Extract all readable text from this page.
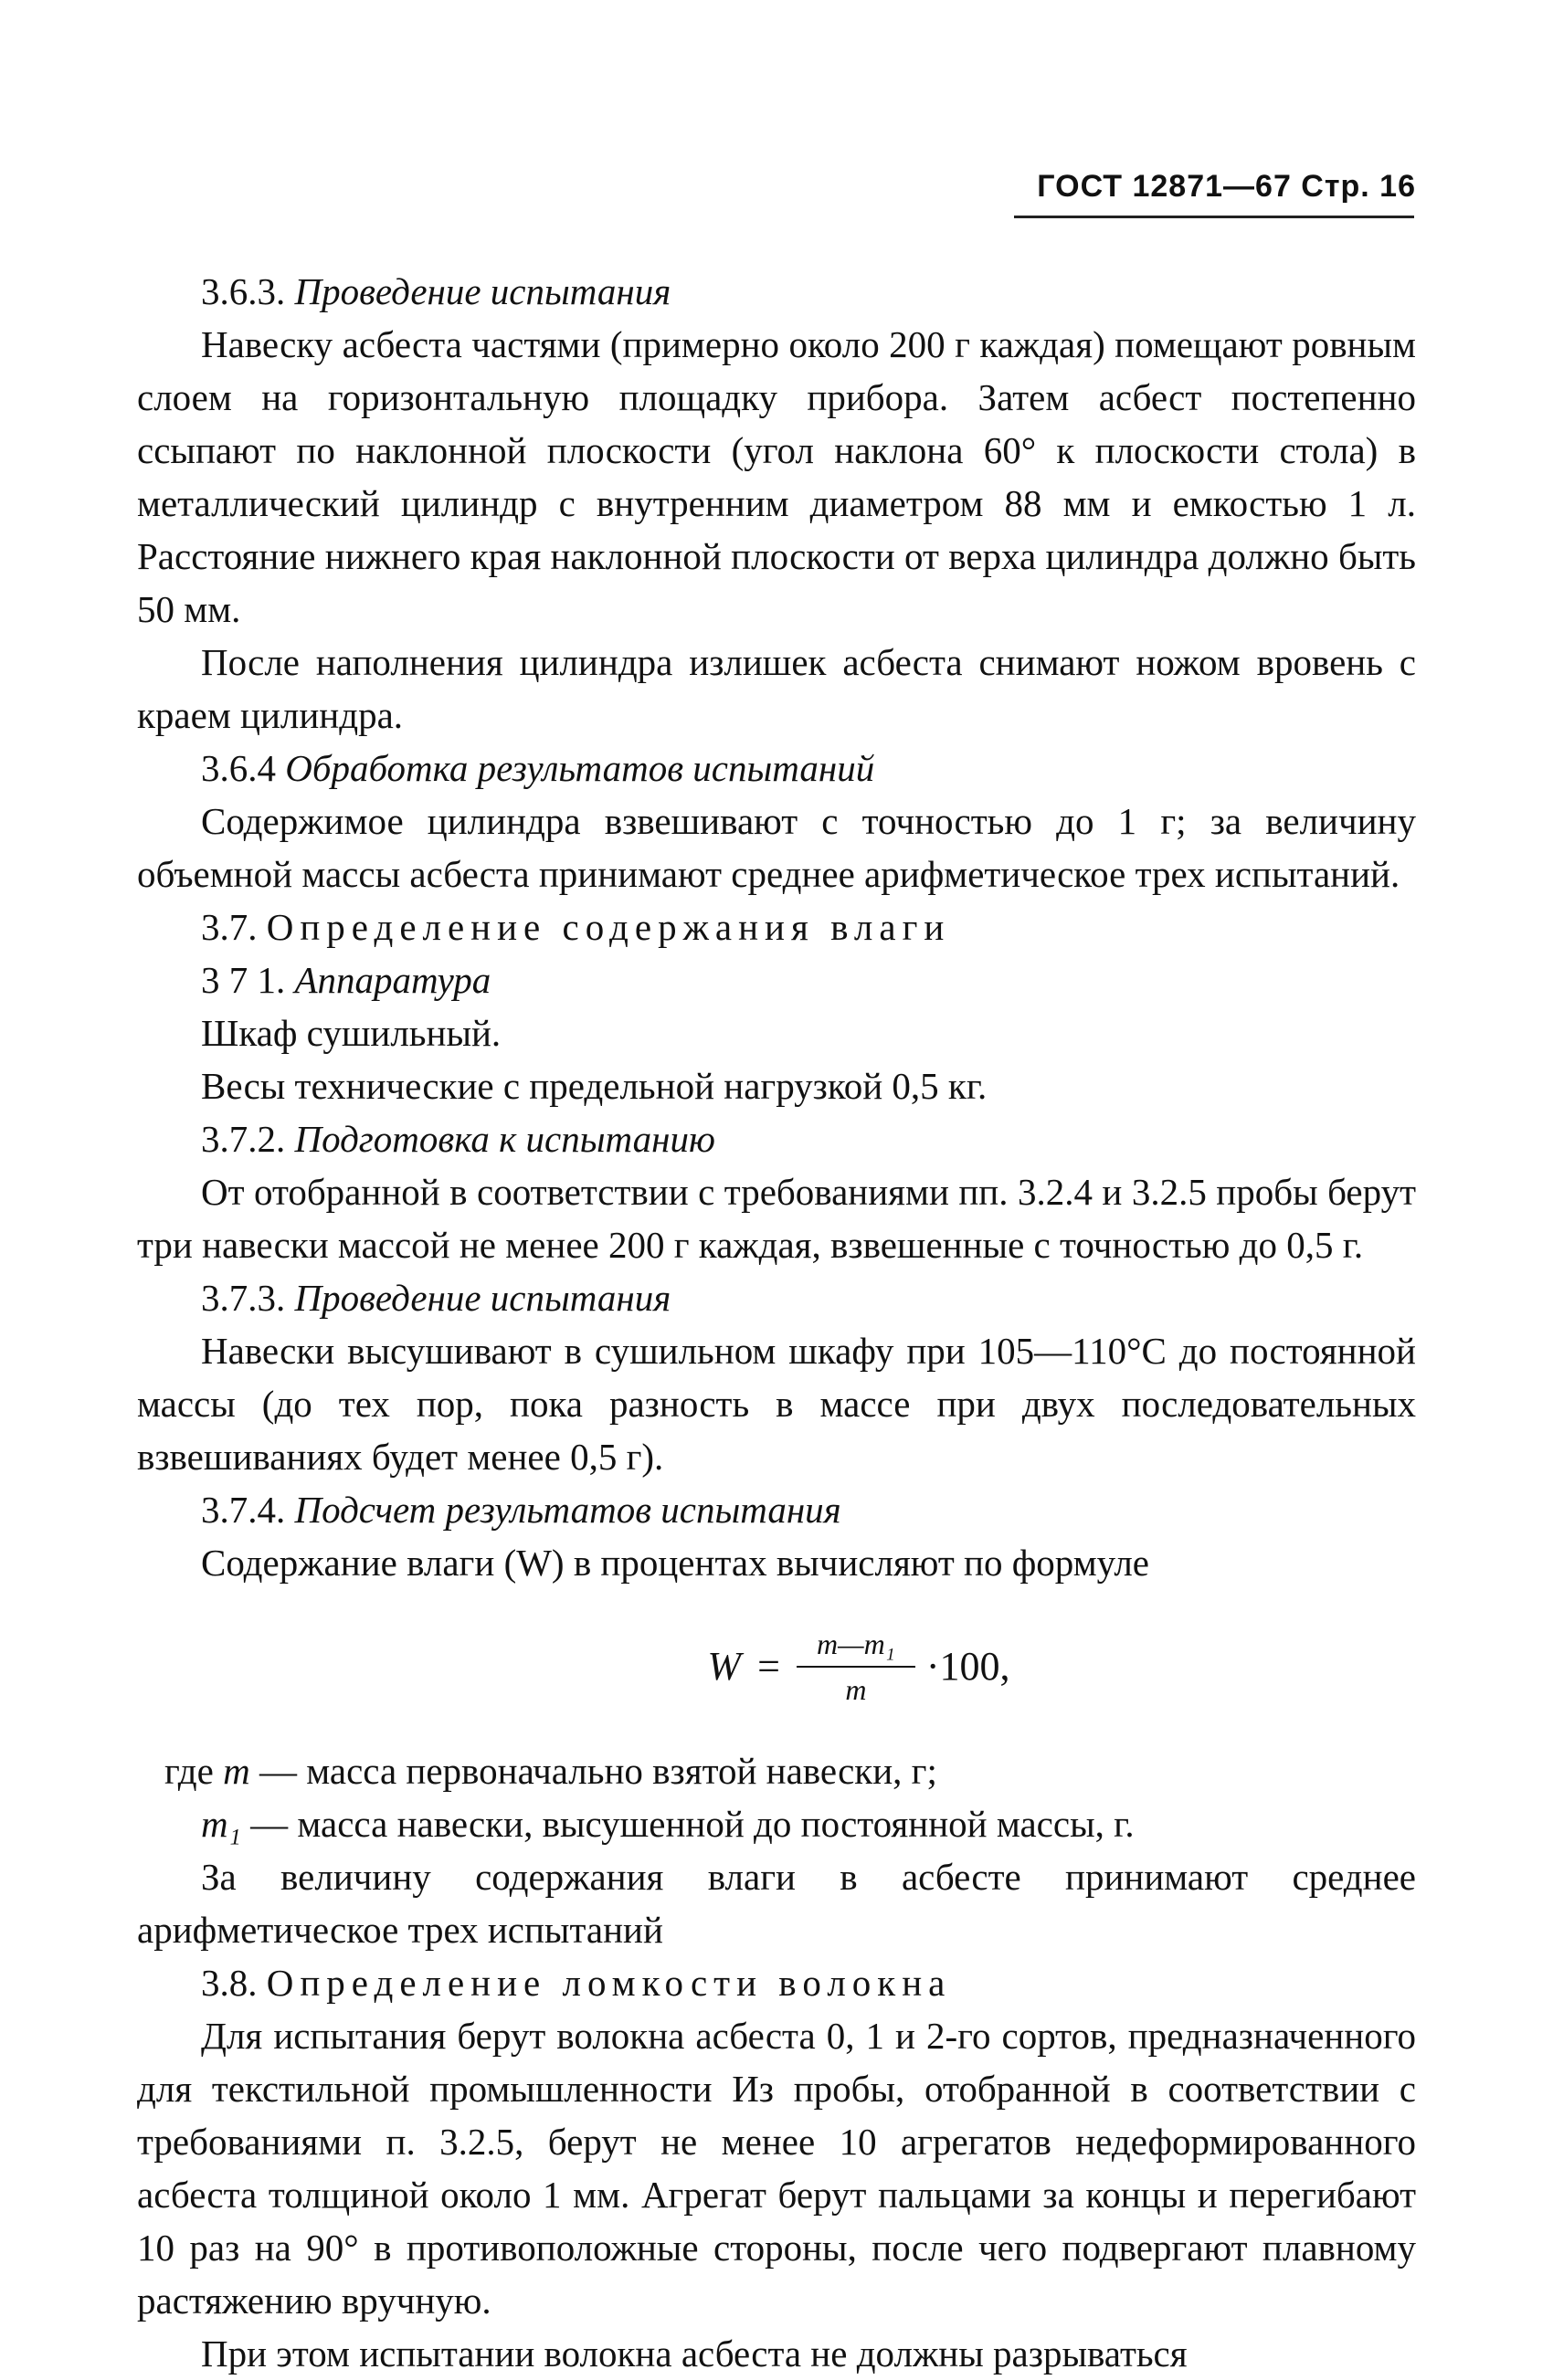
ГОСТ 12871—67 Стр. 16

3.6.3. Проведение испытания

Навеску асбеста частями (примерно около 200 г каждая) помещают ровным слоем на горизонтальную площадку прибора. Затем асбест постепенно ссыпают по наклонной плоскости (угол наклона 60° к плоскости стола) в металлический цилиндр с внутренним диаметром 88 мм и емкостью 1 л. Расстояние нижнего края наклонной плоскости от верха цилиндра должно быть 50 мм.

После наполнения цилиндра излишек асбеста снимают ножом вровень с краем цилиндра.

3.6.4 Обработка результатов испытаний

Содержимое цилиндра взвешивают с точностью до 1 г; за величину объемной массы асбеста принимают среднее арифметическое трех испытаний.

3.7. Определение содержания влаги

3 7 1. Аппаратура

Шкаф сушильный.

Весы технические с предельной нагрузкой 0,5 кг.

3.7.2. Подготовка к испытанию

От отобранной в соответствии с требованиями пп. 3.2.4 и 3.2.5 пробы берут три навески массой не менее 200 г каждая, взвешенные с точностью до 0,5 г.

3.7.3. Проведение испытания

Навески высушивают в сушильном шкафу при 105—110°С до постоянной массы (до тех пор, пока разность в массе при двух последовательных взвешиваниях будет менее 0,5 г).

3.7.4. Подсчет результатов испытания

Содержание влаги (W) в процентах вычисляют по формуле

$W = \frac{\text{m—m₁}}{m} \cdot 100$,

где m — масса первоначально взятой навески, г;

m₁ — масса навески, высушенной до постоянной массы, г.

За величину содержания влаги в асбесте принимают среднее арифметическое трех испытаний

3.8. Определение ломкости волокна

Для испытания берут волокна асбеста 0, 1 и 2-го сортов, предназначенного для текстильной промышленности Из пробы, отобранной в соответствии с требованиями п. 3.2.5, берут не менее 10 агрегатов недеформированного асбеста толщиной около 1 мм. Агрегат берут пальцами за концы и перегибают 10 раз на 90° в противоположные стороны, после чего подвергают плавному растяжению вручную.

При этом испытании волокна асбеста не должны разрываться
